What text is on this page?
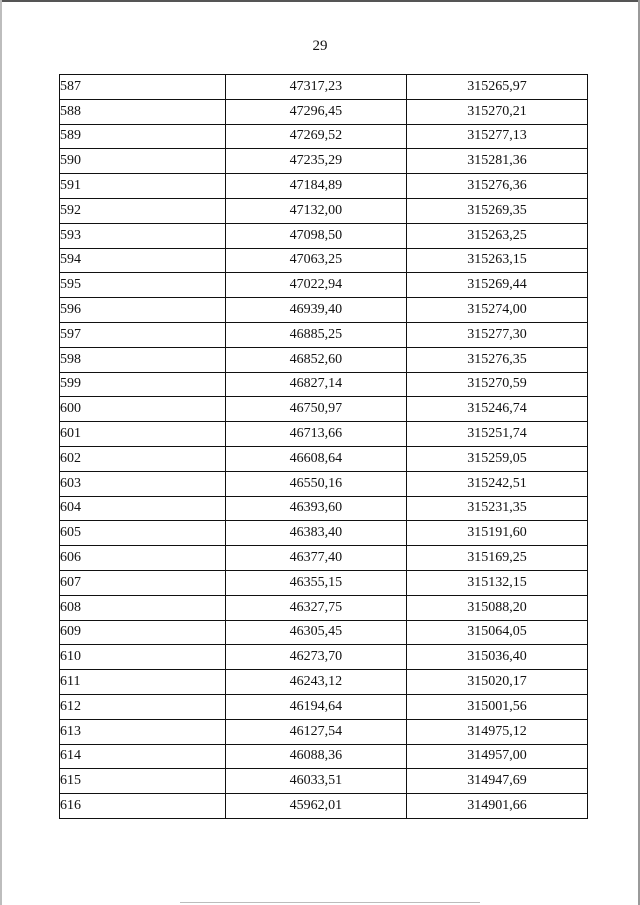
29
587	47317,23	315265,97
588	47296,45	315270,21
589	47269,52	315277,13
590	47235,29	315281,36
591	47184,89	315276,36
592	47132,00	315269,35
593	47098,50	315263,25
594	47063,25	315263,15
595	47022,94	315269,44
596	46939,40	315274,00
597	46885,25	315277,30
598	46852,60	315276,35
599	46827,14	315270,59
600	46750,97	315246,74
601	46713,66	315251,74
602	46608,64	315259,05
603	46550,16	315242,51
604	46393,60	315231,35
605	46383,40	315191,60
606	46377,40	315169,25
607	46355,15	315132,15
608	46327,75	315088,20
609	46305,45	315064,05
610	46273,70	315036,40
611	46243,12	315020,17
612	46194,64	315001,56
613	46127,54	314975,12
614	46088,36	314957,00
615	46033,51	314947,69
616	45962,01	314901,66
